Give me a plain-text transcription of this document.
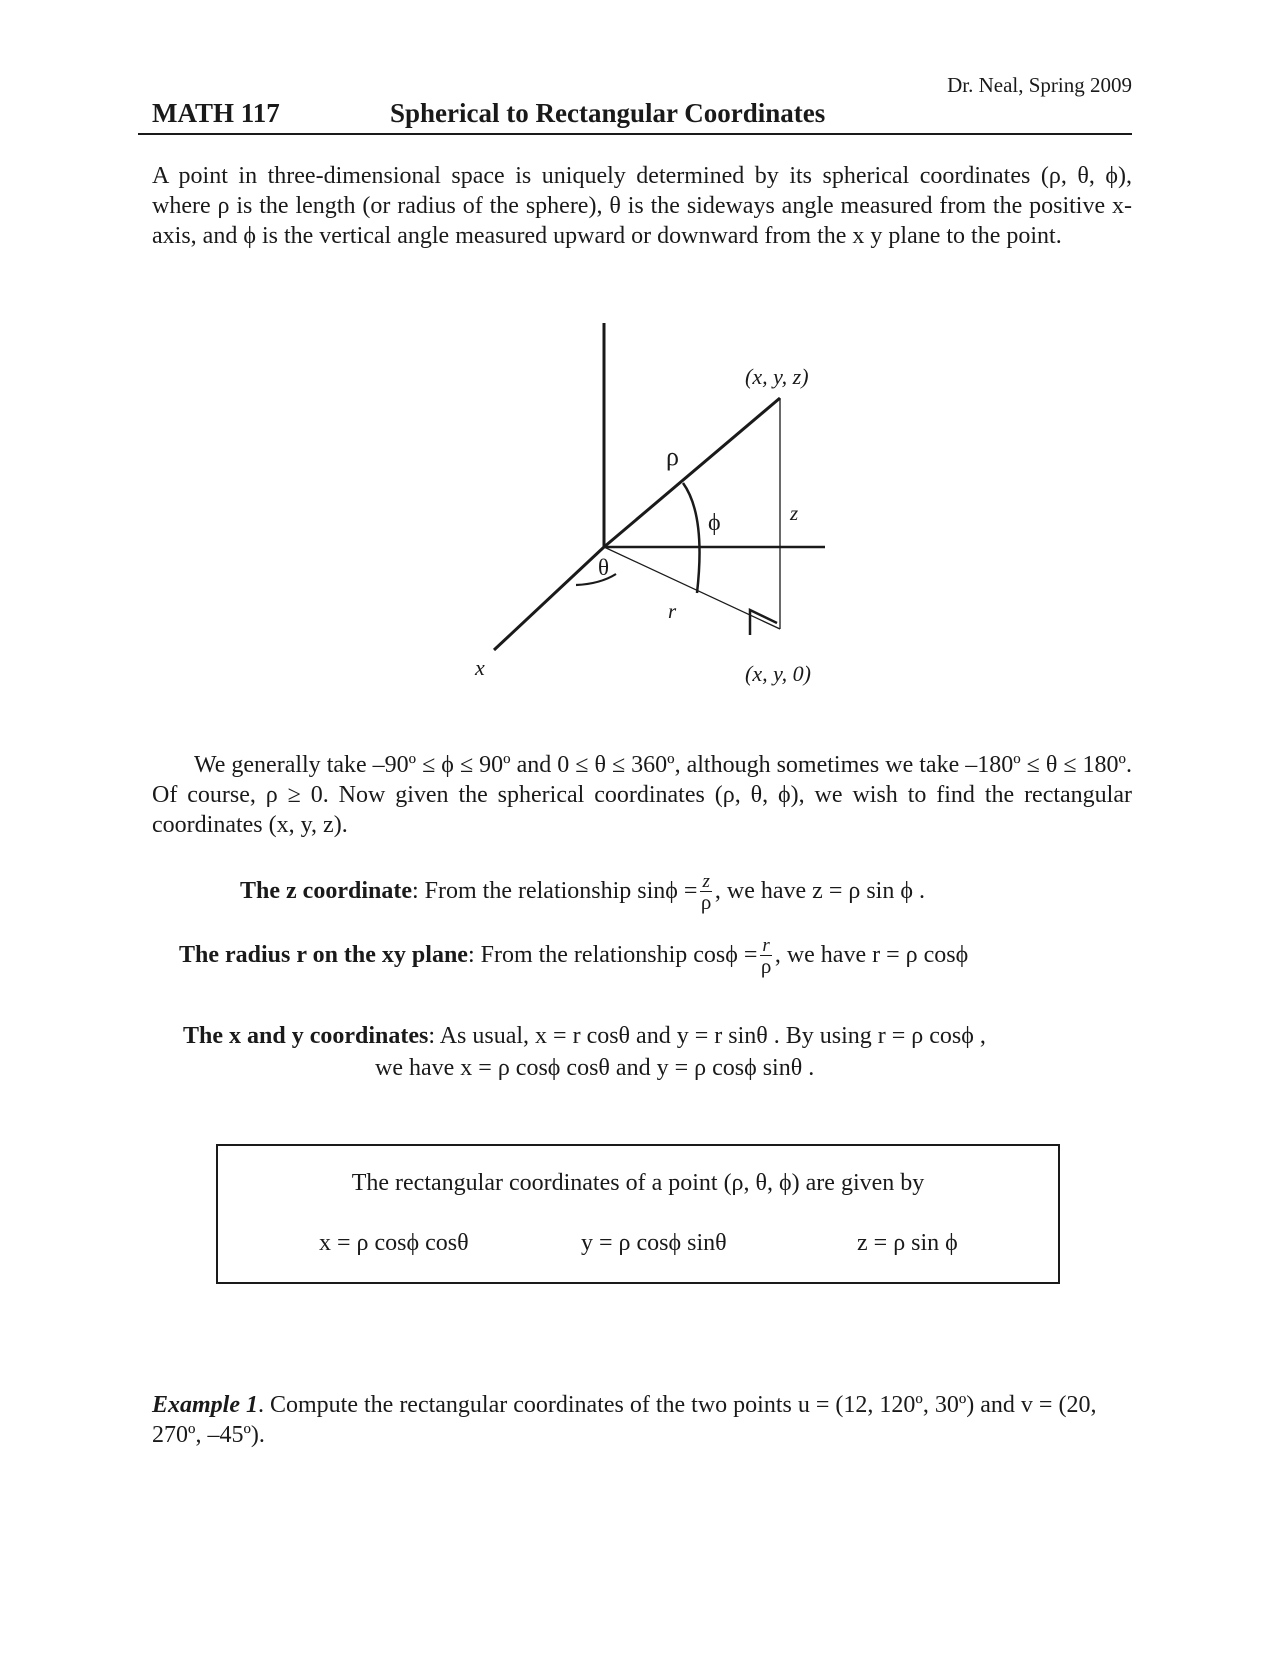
Dr. Neal, Spring 2009
MATH 117	Spherical to Rectangular Coordinates
A point in three-dimensional space is uniquely determined by its spherical coordinates (ρ, θ, ϕ), where ρ is the length (or radius of the sphere), θ is the sideways angle measured from the positive x-axis, and ϕ is the vertical angle measured upward or downward from the x y plane to the point.
(x, y, z)
ρ
ϕ	z
θ
r
x	(x, y, 0)
We generally take –90º ≤ ϕ ≤ 90º and 0 ≤ θ ≤ 360º, although sometimes we take –180º ≤ θ ≤ 180º. Of course, ρ ≥ 0. Now given the spherical coordinates (ρ, θ, ϕ), we wish to find the rectangular coordinates (x, y, z).
The z coordinate: From the relationship $\sin\phi = \frac{z}{\rho}$ , we have z = ρ sin ϕ .
The radius r on the xy plane: From the relationship $\cos\phi = \frac{r}{\rho}$ , we have r = ρ cosϕ
The x and y coordinates: As usual, x = r cosθ and y = r sinθ . By using r = ρ cosϕ ,
we have x = ρ cosϕ cosθ and y = ρ cosϕ sinθ .
The rectangular coordinates of a point (ρ, θ, ϕ) are given by
x = ρ cosϕ cosθ	y = ρ cosϕ sinθ	z = ρ sin ϕ
Example 1. Compute the rectangular coordinates of the two points u = (12, 120º, 30º) and v = (20, 270º, –45º).
